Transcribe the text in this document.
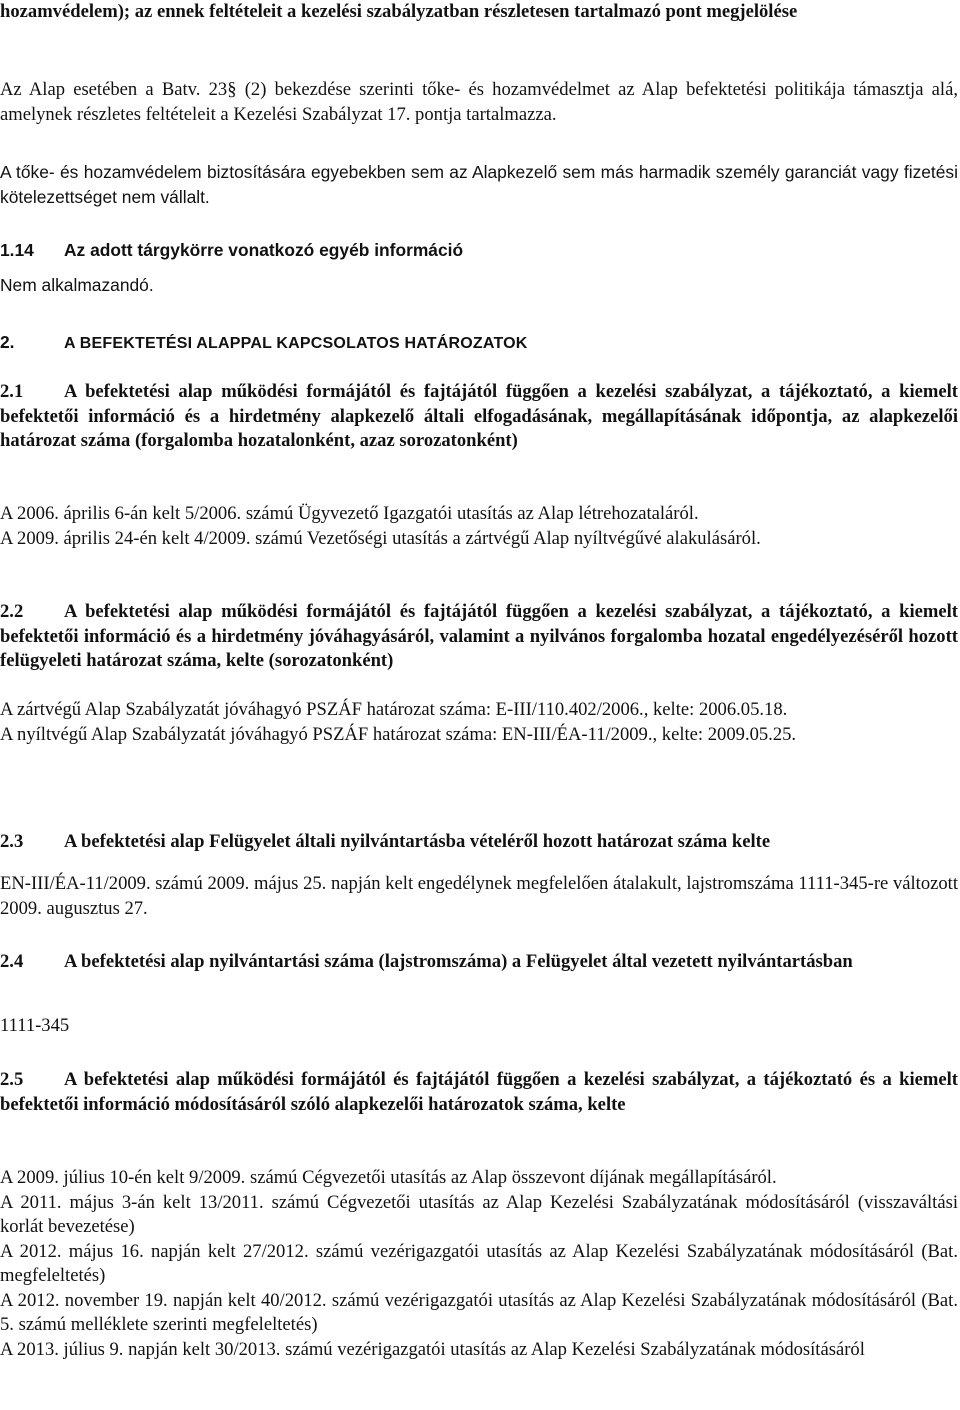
hozamvédelem); az ennek feltételeit a kezelési szabályzatban részletesen tartalmazó pont megjelölése

Az Alap esetében a Batv. 23§ (2) bekezdése szerinti tőke- és hozamvédelmet az Alap befektetési politikája támasztja alá, amelynek részletes feltételeit a Kezelési Szabályzat 17. pontja tartalmazza.

A tőke- és hozamvédelem biztosítására egyebekben sem az Alapkezelő sem más harmadik személy garanciát vagy fizetési kötelezettséget nem vállalt.

1.14 Az adott tárgykörre vonatkozó egyéb információ

Nem alkalmazandó.

2.	A BEFEKTETÉSI ALAPPAL KAPCSOLATOS HATÁROZATOK

2.1 A befektetési alap működési formájától és fajtájától függően a kezelési szabályzat, a tájékoztató, a kiemelt befektetői információ és a hirdetmény alapkezelő általi elfogadásának, megállapításának időpontja, az alapkezelői határozat száma (forgalomba hozatalonként, azaz sorozatonként)

A 2006. április 6-án kelt 5/2006. számú Ügyvezető Igazgatói utasítás az Alap létrehozataláról.
A 2009. április 24-én kelt 4/2009. számú Vezetőségi utasítás a zártvégű Alap nyíltvégűvé alakulásáról.

2.2 A befektetési alap működési formájától és fajtájától függően a kezelési szabályzat, a tájékoztató, a kiemelt befektetői információ és a hirdetmény jóváhagyásáról, valamint a nyilvános forgalomba hozatal engedélyezéséről hozott felügyeleti határozat száma, kelte (sorozatonként)

A zártvégű Alap Szabályzatát jóváhagyó PSZÁF határozat száma: E-III/110.402/2006., kelte: 2006.05.18.
A nyíltvégű Alap Szabályzatát jóváhagyó PSZÁF határozat száma: EN-III/ÉA-11/2009., kelte: 2009.05.25.
2.3 A befektetési alap Felügyelet általi nyilvántartásba vételéről hozott határozat száma kelte

EN-III/ÉA-11/2009. számú 2009. május 25. napján kelt engedélynek megfelelően átalakult, lajstromszáma 1111-345-re változott 2009. augusztus 27.

2.4 A befektetési alap nyilvántartási száma (lajstromszáma) a Felügyelet által vezetett nyilvántartásban

1111-345

2.5 A befektetési alap működési formájától és fajtájától függően a kezelési szabályzat, a tájékoztató és a kiemelt befektetői információ módosításáról szóló alapkezelői határozatok száma, kelte

A 2009. július 10-én kelt 9/2009. számú Cégvezetői utasítás az Alap összevont díjának megállapításáról.
A 2011. május 3-án kelt 13/2011. számú Cégvezetői utasítás az Alap Kezelési Szabályzatának módosításáról (visszaváltási korlát bevezetése)
A 2012. május 16. napján kelt 27/2012. számú vezérigazgatói utasítás az Alap Kezelési Szabályzatának módosításáról (Bat. megfeleltetés)
A 2012. november 19. napján kelt 40/2012. számú vezérigazgatói utasítás az Alap Kezelési Szabályzatának módosításáról (Bat. 5. számú melléklete szerinti megfeleltetés)
A 2013. július 9. napján kelt 30/2013. számú vezérigazgatói utasítás az Alap Kezelési Szabályzatának módosításáról
